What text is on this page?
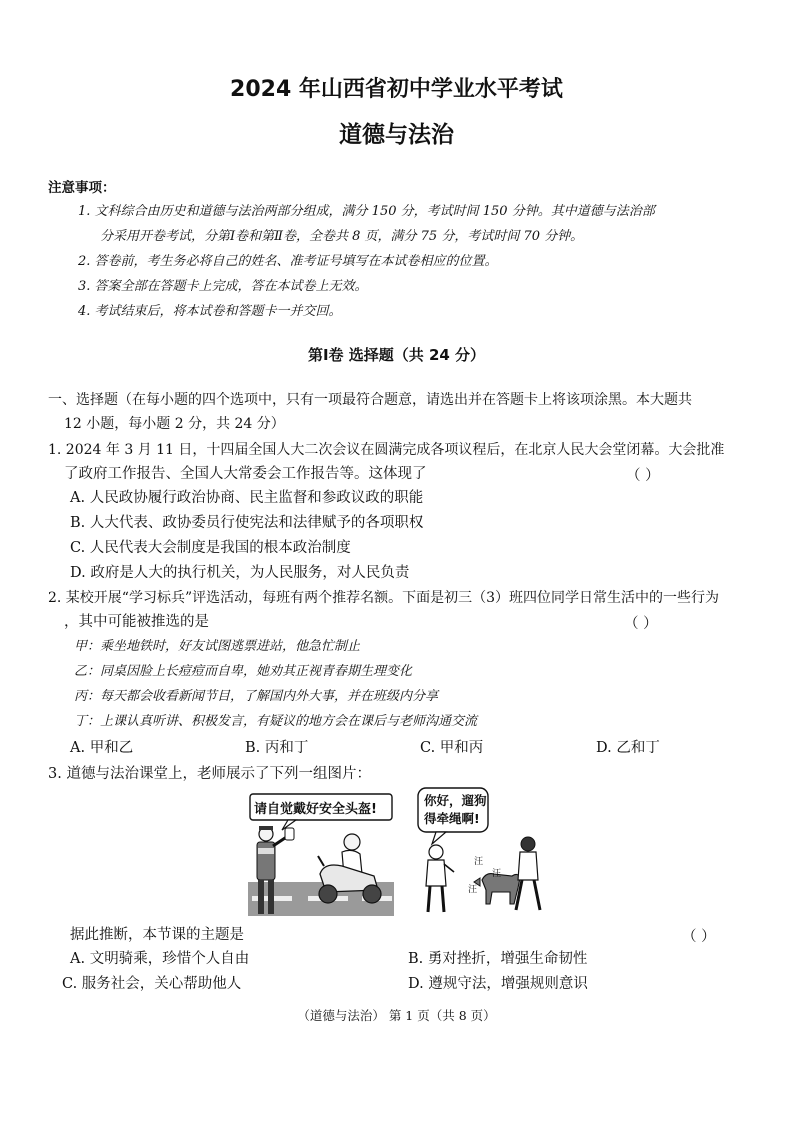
2024 年山西省初中学业水平考试
道德与法治
注意事项：
1. 文科综合由历史和道德与法治两部分组成，满分 150 分，考试时间 150 分钟。其中道德与法治部
分采用开卷考试，分第Ⅰ卷和第Ⅱ卷，全卷共 8 页，满分 75 分，考试时间 70 分钟。
2. 答卷前，考生务必将自己的姓名、准考证号填写在本试卷相应的位置。
3. 答案全部在答题卡上完成，答在本试卷上无效。
4. 考试结束后，将本试卷和答题卡一并交回。
第Ⅰ卷 选择题（共 24 分）
一、选择题（在每小题的四个选项中，只有一项最符合题意，请选出并在答题卡上将该项涂黑。本大题共
12 小题，每小题 2 分，共 24 分）
1. 2024 年 3 月 11 日，十四届全国人大二次会议在圆满完成各项议程后，在北京人民大会堂闭幕。大会批准
了政府工作报告、全国人大常委会工作报告等。这体现了	（ ）
A. 人民政协履行政治协商、民主监督和参政议政的职能
B. 人大代表、政协委员行使宪法和法律赋予的各项职权
C. 人民代表大会制度是我国的根本政治制度
D. 政府是人大的执行机关，为人民服务，对人民负责
2. 某校开展“学习标兵”评选活动，每班有两个推荐名额。下面是初三（3）班四位同学日常生活中的一些行为
，其中可能被推选的是	（ ）
甲：乘坐地铁时，好友试图逃票进站，他急忙制止
乙：同桌因脸上长痘痘而自卑，她劝其正视青春期生理变化
丙：每天都会收看新闻节目，了解国内外大事，并在班级内分享
丁：上课认真听讲、积极发言，有疑议的地方会在课后与老师沟通交流
A. 甲和乙	B. 丙和丁	C. 甲和丙	D. 乙和丁
3. 道德与法治课堂上，老师展示了下列一组图片：
请自觉戴好安全头盔!
你好，遛狗
得牵绳啊!
汪
汪
汪
据此推断，本节课的主题是	（ ）
A. 文明骑乘，珍惜个人自由	B. 勇对挫折，增强生命韧性
C. 服务社会，关心帮助他人	D. 遵规守法，增强规则意识
（道德与法治） 第 1 页（共 8 页）
